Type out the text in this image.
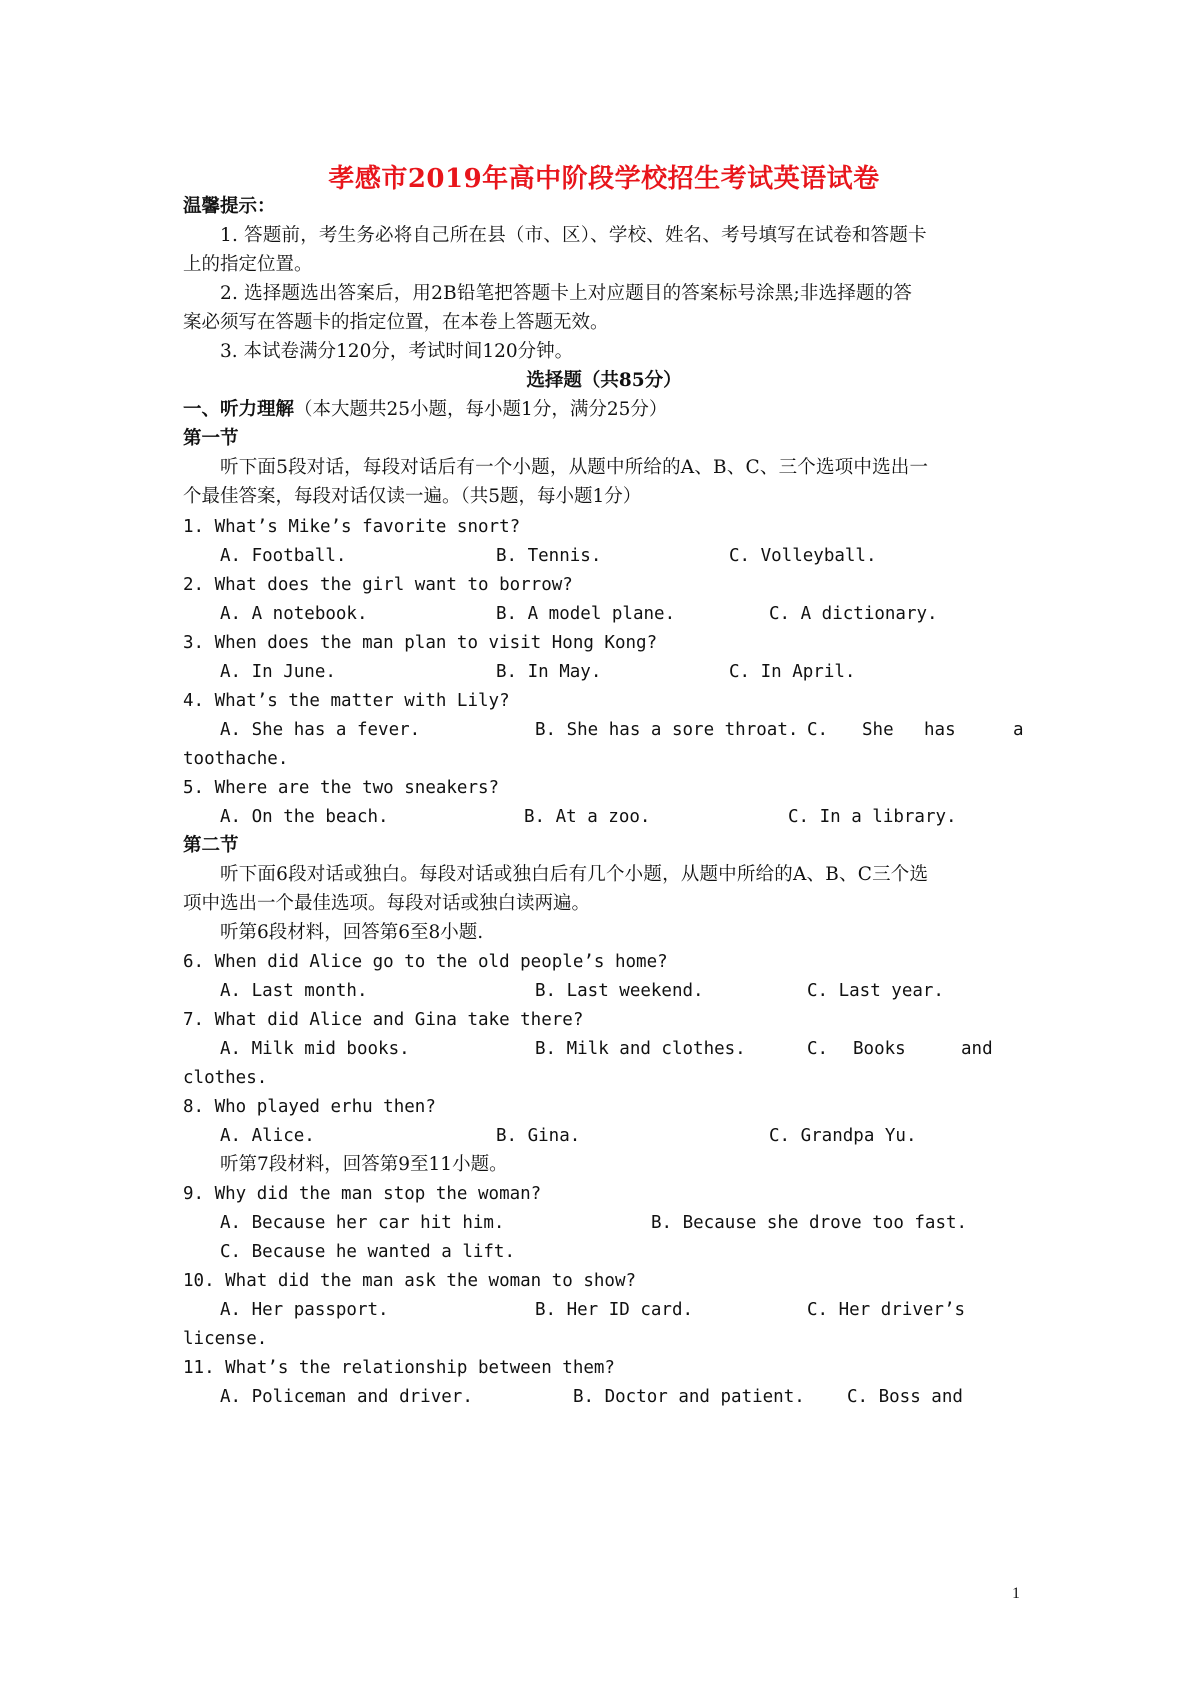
孝感市2019年高中阶段学校招生考试英语试卷
温馨提示：
1. 答题前，考生务必将自己所在县（市、区）、学校、姓名、考号填写在试卷和答题卡
上的指定位置。
2. 选择题选出答案后，用2B铅笔把答题卡上对应题目的答案标号涂黑;非选择题的答
案必须写在答题卡的指定位置，在本卷上答题无效。
3. 本试卷满分120分，考试时间120分钟。
选择题（共85分）
一、听力理解（本大题共25小题，每小题1分，满分25分）
第一节
听下面5段对话，每段对话后有一个小题，从题中所给的A、B、C、三个选项中选出一
个最佳答案，每段对话仅读一遍。（共5题，每小题1分）
1. What’s Mike’s favorite snort?
A. Football.	B. Tennis.	C. Volleyball.
2. What does the girl want to borrow?
A. A notebook.	B. A model plane.	C. A dictionary.
3. When does the man plan to visit Hong Kong?
A. In June.	B. In May.	C. In April.
4. What’s the matter with Lily?
A. She has a fever.	B. She has a sore throat. C. She has	a
toothache.
5. Where are the two sneakers?
A. On the beach.	B. At a zoo.	C. In a library.
第二节
听下面6段对话或独白。每段对话或独白后有几个小题，从题中所给的A、B、C三个选
项中选出一个最佳选项。每段对话或独白读两遍。
听第6段材料，回答第6至8小题.
6. When did Alice go to the old people’s home?
A. Last month.	B. Last weekend.	C. Last year.
7. What did Alice and Gina take there?
A. Milk mid books.	B. Milk and clothes.	C. Books	and
clothes.
8. Who played erhu then?
A. Alice.	B. Gina.	C. Grandpa Yu.
听第7段材料，回答第9至11小题。
9. Why did the man stop the woman?
A. Because her car hit him.	B. Because she drove too fast.
C. Because he wanted a lift.
10. What did the man ask the woman to show?
A. Her passport.	B. Her ID card.	C. Her driver’s
license.
11. What’s the relationship between them?
A. Policeman and driver.	B. Doctor and patient. C. Boss and
1
